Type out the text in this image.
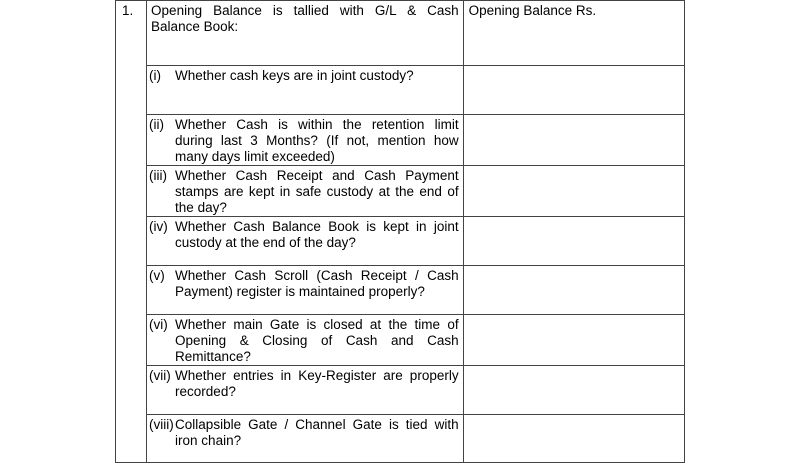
1.	Opening Balance is tallied with G/L & Cash Balance Book:	Opening Balance Rs.

	(i) Whether cash keys are in joint custody?	

	(ii) Whether Cash is within the retention limit during last 3 Months? (If not, mention how many days limit exceeded)	

	(iii) Whether Cash Receipt and Cash Payment stamps are kept in safe custody at the end of the day?	

	(iv) Whether Cash Balance Book is kept in joint custody at the end of the day?	

	(v) Whether Cash Scroll (Cash Receipt / Cash Payment) register is maintained properly?	

	(vi) Whether main Gate is closed at the time of Opening & Closing of Cash and Cash Remittance?	

	(vii) Whether entries in Key-Register are properly recorded?	

	(viii) Collapsible Gate / Channel Gate is tied with iron chain?	
